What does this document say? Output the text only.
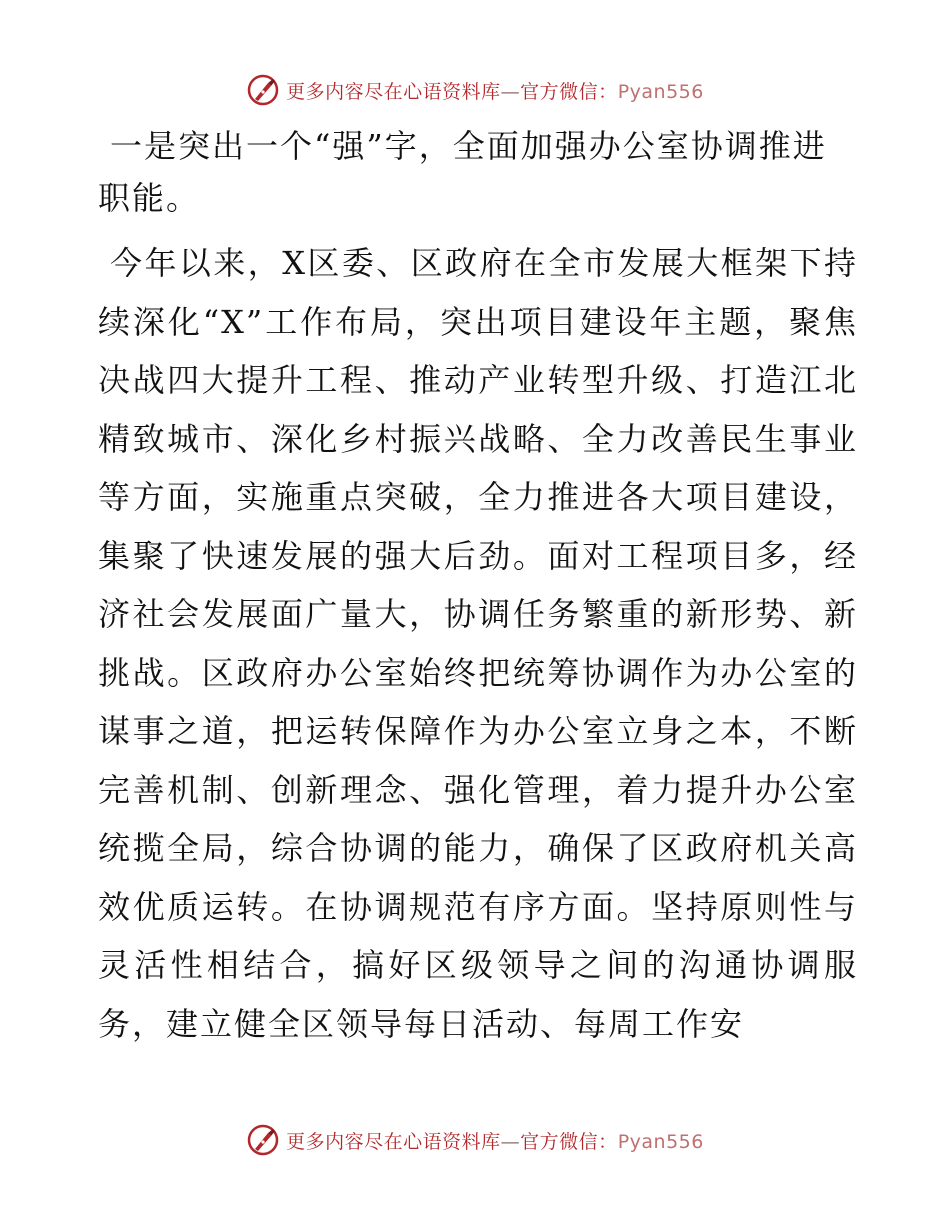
更多内容尽在心语资料库—官方微信：Pyan556

一是突出一个“强”字，全面加强办公室协调推进职能。

今年以来，X区委、区政府在全市发展大框架下持续深化“X”工作布局，突出项目建设年主题，聚焦决战四大提升工程、推动产业转型升级、打造江北精致城市、深化乡村振兴战略、全力改善民生事业等方面，实施重点突破，全力推进各大项目建设，集聚了快速发展的强大后劲。面对工程项目多，经济社会发展面广量大，协调任务繁重的新形势、新挑战。区政府办公室始终把统筹协调作为办公室的谋事之道，把运转保障作为办公室立身之本，不断完善机制、创新理念、强化管理，着力提升办公室统揽全局，综合协调的能力，确保了区政府机关高效优质运转。在协调规范有序方面。坚持原则性与灵活性相结合，搞好区级领导之间的沟通协调服务，建立健全区领导每日活动、每周工作安

更多内容尽在心语资料库—官方微信：Pyan556
